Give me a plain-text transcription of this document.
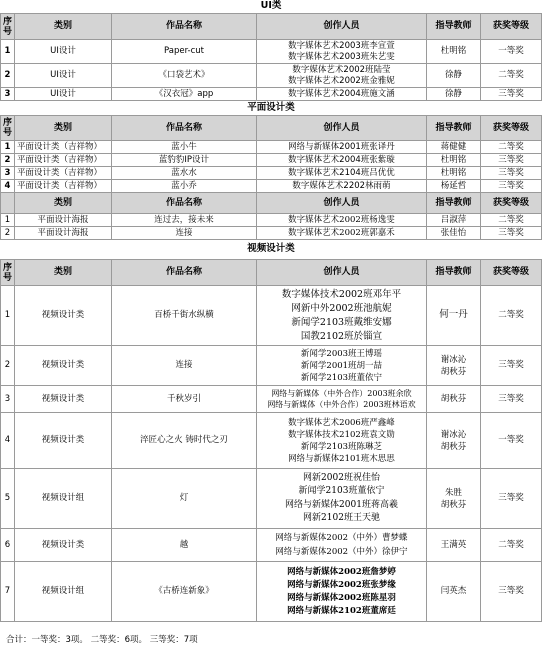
UI类					
序
号	类别	作品名称	创作人员	指导教师	获奖等级
1	UI设计	Paper-cut	数字媒体艺术2003班李宣萱
数字媒体艺术2003班朱艺雯	杜明铭	一等奖
2	UI设计	《口袋艺术》	数字媒体艺术2002班陆莹
数字媒体艺术2002班金雅妮	徐静	二等奖
3	UI设计	《汉衣冠》app	数字媒体艺术2004班施文涵	徐静	三等奖
平面设计类					
序
号	类别	作品名称	创作人员	指导教师	获奖等级
1	平面设计类（吉祥物）	蓝小牛	网络与新媒体2001班张译丹	蒋健健	二等奖
2	平面设计类（吉祥物）	蓝豹豹IP设计	数字媒体艺术2004班张紫璇	杜明铭	三等奖
3	平面设计类（吉祥物）	蓝水水	数字媒体艺术2104班吕优优	杜明铭	三等奖
4	平面设计类（吉祥物）	蓝小乔	数字媒体艺术2202林雨萌	杨延哲	三等奖
	类别	作品名称	创作人员	指导教师	获奖等级
1	平面设计海报	连过去，接未来	数字媒体艺术2002班杨逸雯	吕淑萍	二等奖
2	平面设计海报	连接	数字媒体艺术2002班郭嘉禾	张佳怡	三等奖
视频设计类					
序
号	类别	作品名称	创作人员	指导教师	获奖等级
1	视频设计类	百桥千街水纵横	数字媒体技术2002班邓年平
网新中外2002班池航妮
新闻学2103班戴维安娜
国教2102班於锱宣	何一丹	二等奖
2	视频设计类	连接	新闻学2003班王博瑶
新闻学2001班胡一喆
新闻学2103班董依宁	谢冰沁
胡秋芬	三等奖
3	视频设计类	千秋岁引	网络与新媒体（中外合作）2003班余欣
网络与新媒体（中外合作）2003班林语欢	胡秋芬	三等奖
4	视频设计类	淬匠心之火 铸时代之刃	数字媒体艺术2006班严鑫峰
数字媒体技术2102班袁文勋
新闻学2103班陈琳芝
网络与新媒体2101班木思思	谢冰沁
胡秋芬	一等奖
5	视频设计组	灯	网新2002班祝佳怡
新闻学2103班董依宁
网络与新媒体2001班蒋高羲
网新2102班王天驰	朱胜
胡秋芬	三等奖
6	视频设计类	越	网络与新媒体2002（中外）曹梦蝶
网络与新媒体2002（中外）徐伊宁	王满英	二等奖
7	视频设计组	《古桥连新象》	网络与新媒体2002班詹梦婷
网络与新媒体2002班张梦缘
网络与新媒体2002班陈星羽
网络与新媒体2102班董席廷	闫英杰	三等奖
合计：一等奖：3项。 二等奖：6项。 三等奖：7项
